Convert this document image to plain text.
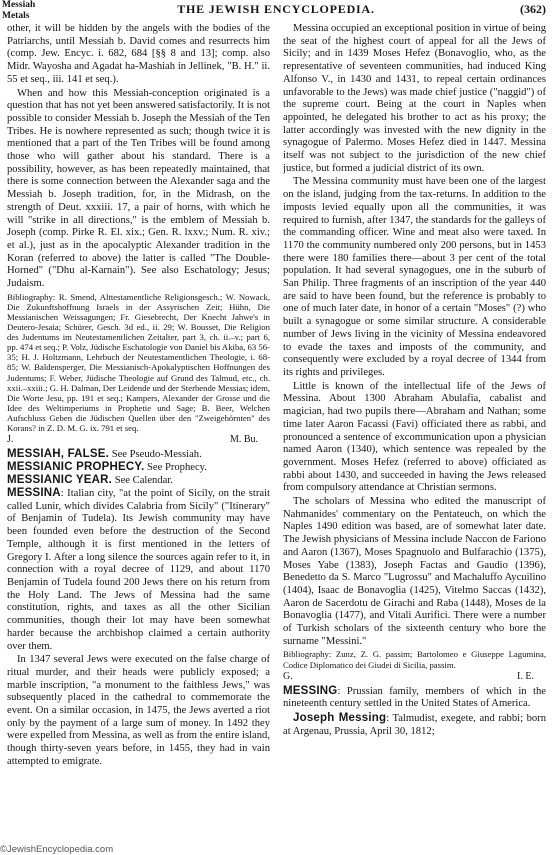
Messiah
Metals	THE JEWISH ENCYCLOPEDIA.	(362)

other, it will be hidden by the angels with the bodies of the Patriarchs, until Messiah b. David comes and resurrects him (comp. Jew. Encyc. i. 682, 684 [§§ 8 and 13]; comp. also Midr. Wayosha and Agadat ha-Mashiah in Jellinek, "B. H." ii. 55 et seq., iii. 141 et seq.).

When and how this Messiah-conception originated is a question that has not yet been answered satisfactorily. It is not possible to consider Messiah b. Joseph the Messiah of the Ten Tribes. He is nowhere represented as such; though twice it is mentioned that a part of the Ten Tribes will be found among those who will gather about his standard. There is a possibility, however, as has been repeatedly maintained, that there is some connection between the Alexander saga and the Messiah b. Joseph tradition, for, in the Midrash, on the strength of Deut. xxxiii. 17, a pair of horns, with which he will "strike in all directions," is the emblem of Messiah b. Joseph (comp. Pirke R. El. xix.; Gen. R. lxxv.; Num. R. xiv.; et al.), just as in the apocalyptic Alexander tradition in the Koran (referred to above) the latter is called "The Double-Horned" ("Dhu al-Karnain"). See also Eschatology; Jesus; Judaism.

Bibliography: R. Smend, Alttestamentliche Religionsgesch.; W. Nowack, Die Zukunftshoffnung Israels in der Assyrischen Zeit; Hühn, Die Messianischen Weissagungen; Fr. Giesebrecht, Der Knecht Jahwe's in Deutero-Jesaia; Schürer, Gesch. 3d ed., ii. 29; W. Bousset, Die Religion des Judentums im Neutestamentlichen Zeitalter, part 3, ch. ii.–v.; part 6, pp. 474 et seq.; P. Volz, Jüdische Eschatologie von Daniel bis Akiba, 63 56-35; H. J. Holtzmann, Lehrbuch der Neutestamentlichen Theologie, i. 68-85; W. Baldensperger, Die Messianisch-Apokalyptischen Hoffnungen des Judentums; F. Weber, Jüdische Theologie auf Grund des Talmud, etc., ch. xxii.–xxiii.; G. H. Dalman, Der Leidende und der Sterbende Messias; idem, Die Worte Jesu, pp. 191 et seq.; Kampers, Alexander der Grosse und die Idee des Weltimperiums in Prophetie und Sage; B. Beer, Welchen Aufschluss Geben die Jüdischen Quellen über den "Zweigehörnten" des Korans? in Z. D. M. G. ix. 791 et seq.

J.	M. Bu.

MESSIAH, FALSE. See Pseudo-Messiah.

MESSIANIC PROPHECY. See Prophecy.

MESSIANIC YEAR. See Calendar.

MESSINA: Italian city, "at the point of Sicily, on the strait called Lunir, which divides Calabria from Sicily" ("Itinerary" of Benjamin of Tudela). Its Jewish community may have been founded even before the destruction of the Second Temple, although it is first mentioned in the letters of Gregory I. After a long silence the sources again refer to it, in connection with a royal decree of 1129, and about 1170 Benjamin of Tudela found 200 Jews there on his return from the Holy Land. The Jews of Messina had the same constitution, rights, and taxes as all the other Sicilian communities, though their lot may have been somewhat harder because the archbishop claimed a certain authority over them.

In 1347 several Jews were executed on the false charge of ritual murder, and their heads were publicly exposed; a marble inscription, "a monument to the faithless Jews," was subsequently placed in the cathedral to commemorate the event. On a similar occasion, in 1475, the Jews averted a riot only by the payment of a large sum of money. In 1492 they were expelled from Messina, as well as from the entire island, though thirty-seven years before, in 1455, they had in vain attempted to emigrate.

Messina occupied an exceptional position in virtue of being the seat of the highest court of appeal for all the Jews of Sicily; and in 1439 Moses Hefez (Bonavoglio, who, as the representative of seventeen communities, had induced King Alfonso V., in 1430 and 1431, to repeal certain ordinances unfavorable to the Jews) was made chief justice ("naggid") of the supreme court. Being at the court in Naples when appointed, he delegated his brother to act as his proxy; the latter accordingly was invested with the new dignity in the synagogue of Palermo. Moses Hefez died in 1447. Messina itself was not subject to the jurisdiction of the new chief justice, but formed a judicial district of its own.

The Messina community must have been one of the largest on the island, judging from the tax-returns. In addition to the imposts levied equally upon all the communities, it was required to furnish, after 1347, the standards for the galleys of the commanding officer. Wine and meat also were taxed. In 1170 the community numbered only 200 persons, but in 1453 there were 180 families there—about 3 per cent of the total population. It had several synagogues, one in the suburb of San Philip. Three fragments of an inscription of the year 440 are said to have been found, but the reference is probably to one of much later date, in honor of a certain "Moses" (?) who built a synagogue or some similar structure. A considerable number of Jews living in the vicinity of Messina endeavored to evade the taxes and imposts of the community, and consequently were excluded by a royal decree of 1344 from its rights and privileges.

Little is known of the intellectual life of the Jews of Messina. About 1300 Abraham Abulafia, cabalist and magician, had two pupils there—Abraham and Nathan; some time later Aaron Facassi (Favi) officiated there as rabbi, and pronounced a sentence of excommunication upon a physician named Aaron (1340), which sentence was repealed by the government. Moses Hefez (referred to above) officiated as rabbi about 1430, and succeeded in having the Jews released from compulsory attendance at Christian sermons.

The scholars of Messina who edited the manuscript of Nahmanides' commentary on the Pentateuch, on which the Naples 1490 edition was based, are of somewhat later date. The Jewish physicians of Messina include Naccon de Fariono and Aaron (1367), Moses Spagnuolo and Bulfarachio (1375), Moses Yabe (1383), Joseph Factas and Gaudio (1396), Benedetto da S. Marco "Lugrossu" and Machaluffo Aycuilino (1404), Isaac de Bonavoglia (1425), Vitelmo Saccas (1432), Aaron de Sacerdotu de Girachi and Raba (1448), Moses de la Bonavoglia (1477), and Vitali Aurifici. There were a number of Turkish scholars of the sixteenth century who bore the surname "Messini."

Bibliography: Zunz, Z. G. passim; Bartolomeo e Giuseppe Lagumina, Codice Diplomatico dei Giudei di Sicilia, passim.

G.	I. E.

MESSING: Prussian family, members of which in the nineteenth century settled in the United States of America.

Joseph Messing: Talmudist, exegete, and rabbi; born at Argenau, Prussia, April 30, 1812;

©JewishEncyclopedia.com
